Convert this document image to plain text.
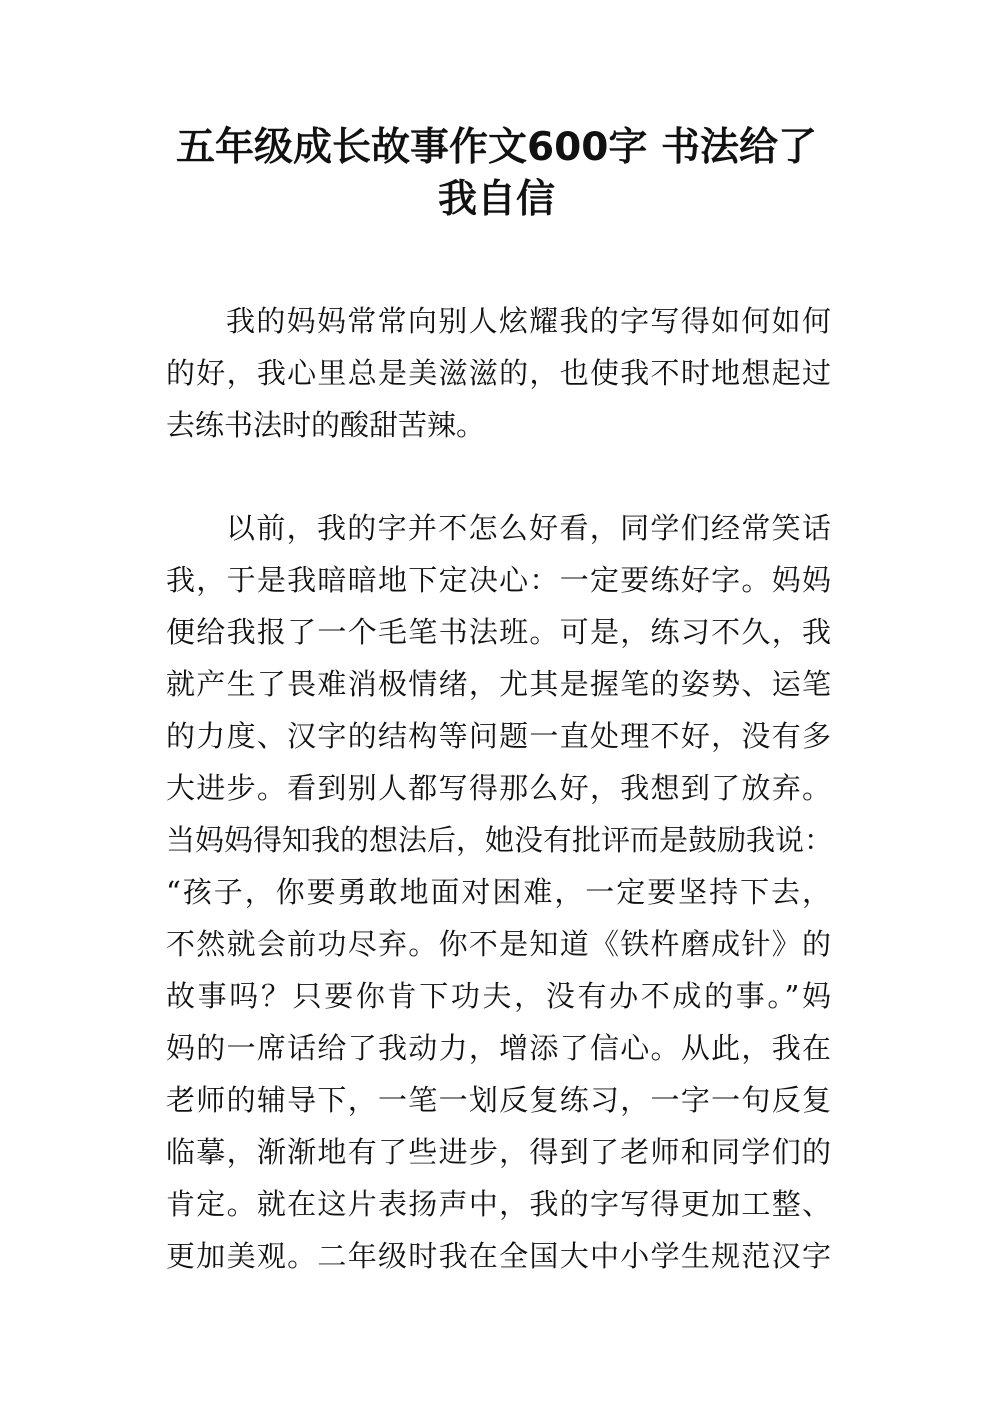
五年级成长故事作文600字 书法给了
我自信

我的妈妈常常向别人炫耀我的字写得如何如何

的好，我心里总是美滋滋的，也使我不时地想起过

去练书法时的酸甜苦辣。

以前，我的字并不怎么好看，同学们经常笑话

我，于是我暗暗地下定决心：一定要练好字。妈妈

便给我报了一个毛笔书法班。可是，练习不久，我

就产生了畏难消极情绪，尤其是握笔的姿势、运笔

的力度、汉字的结构等问题一直处理不好，没有多

大进步。看到别人都写得那么好，我想到了放弃。

当妈妈得知我的想法后，她没有批评而是鼓励我说：

“孩子，你要勇敢地面对困难，一定要坚持下去，

不然就会前功尽弃。你不是知道《铁杵磨成针》的

故事吗？只要你肯下功夫，没有办不成的事。”妈

妈的一席话给了我动力，增添了信心。从此，我在

老师的辅导下，一笔一划反复练习，一字一句反复

临摹，渐渐地有了些进步，得到了老师和同学们的

肯定。就在这片表扬声中，我的字写得更加工整、

更加美观。二年级时我在全国大中小学生规范汉字
